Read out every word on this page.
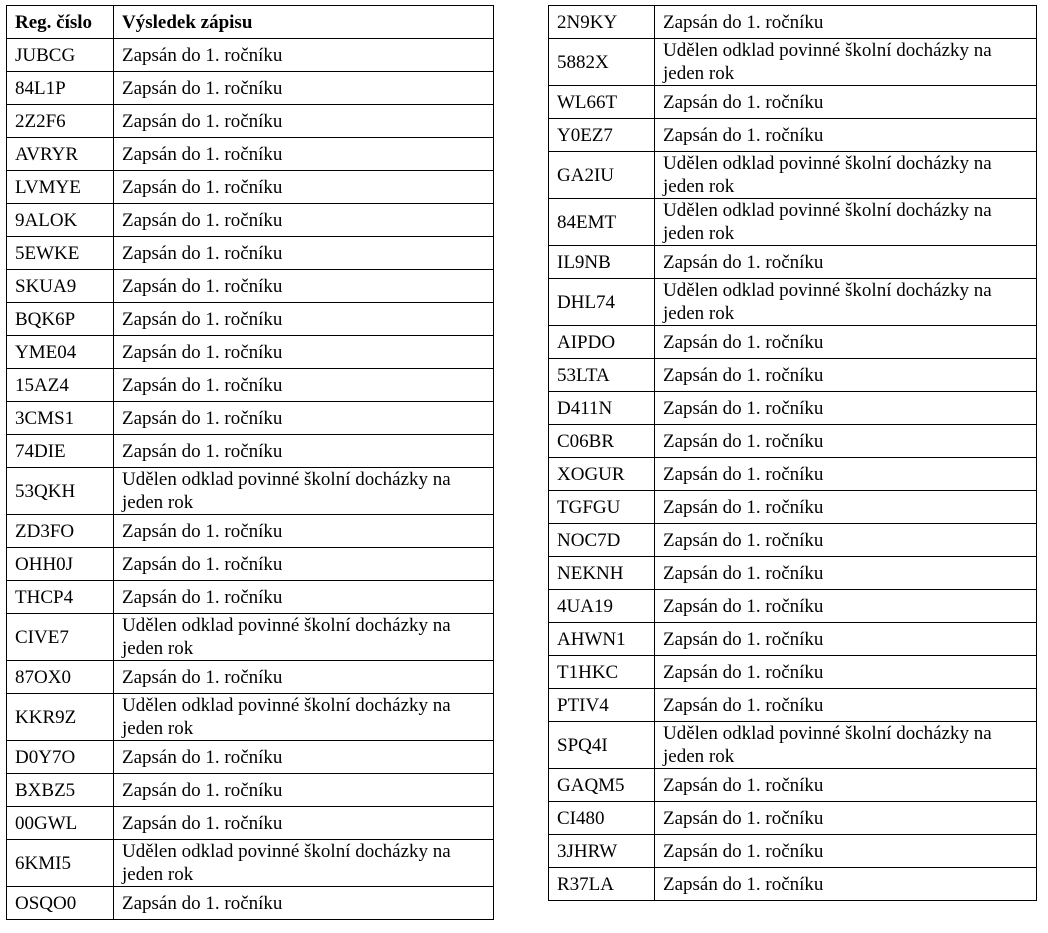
Reg. číslo	Výsledek zápisu
JUBCG	Zapsán do 1. ročníku
84L1P	Zapsán do 1. ročníku
2Z2F6	Zapsán do 1. ročníku
AVRYR	Zapsán do 1. ročníku
LVMYE	Zapsán do 1. ročníku
9ALOK	Zapsán do 1. ročníku
5EWKE	Zapsán do 1. ročníku
SKUA9	Zapsán do 1. ročníku
BQK6P	Zapsán do 1. ročníku
YME04	Zapsán do 1. ročníku
15AZ4	Zapsán do 1. ročníku
3CMS1	Zapsán do 1. ročníku
74DIE	Zapsán do 1. ročníku
53QKH	Udělen odklad povinné školní docházky na jeden rok
ZD3FO	Zapsán do 1. ročníku
OHH0J	Zapsán do 1. ročníku
THCP4	Zapsán do 1. ročníku
CIVE7	Udělen odklad povinné školní docházky na jeden rok
87OX0	Zapsán do 1. ročníku
KKR9Z	Udělen odklad povinné školní docházky na jeden rok
D0Y7O	Zapsán do 1. ročníku
BXBZ5	Zapsán do 1. ročníku
00GWL	Zapsán do 1. ročníku
6KMI5	Udělen odklad povinné školní docházky na jeden rok
OSQO0	Zapsán do 1. ročníku
2N9KY	Zapsán do 1. ročníku
5882X	Udělen odklad povinné školní docházky na jeden rok
WL66T	Zapsán do 1. ročníku
Y0EZ7	Zapsán do 1. ročníku
GA2IU	Udělen odklad povinné školní docházky na jeden rok
84EMT	Udělen odklad povinné školní docházky na jeden rok
IL9NB	Zapsán do 1. ročníku
DHL74	Udělen odklad povinné školní docházky na jeden rok
AIPDO	Zapsán do 1. ročníku
53LTA	Zapsán do 1. ročníku
D411N	Zapsán do 1. ročníku
C06BR	Zapsán do 1. ročníku
XOGUR	Zapsán do 1. ročníku
TGFGU	Zapsán do 1. ročníku
NOC7D	Zapsán do 1. ročníku
NEKNH	Zapsán do 1. ročníku
4UA19	Zapsán do 1. ročníku
AHWN1	Zapsán do 1. ročníku
T1HKC	Zapsán do 1. ročníku
PTIV4	Zapsán do 1. ročníku
SPQ4I	Udělen odklad povinné školní docházky na jeden rok
GAQM5	Zapsán do 1. ročníku
CI480	Zapsán do 1. ročníku
3JHRW	Zapsán do 1. ročníku
R37LA	Zapsán do 1. ročníku
